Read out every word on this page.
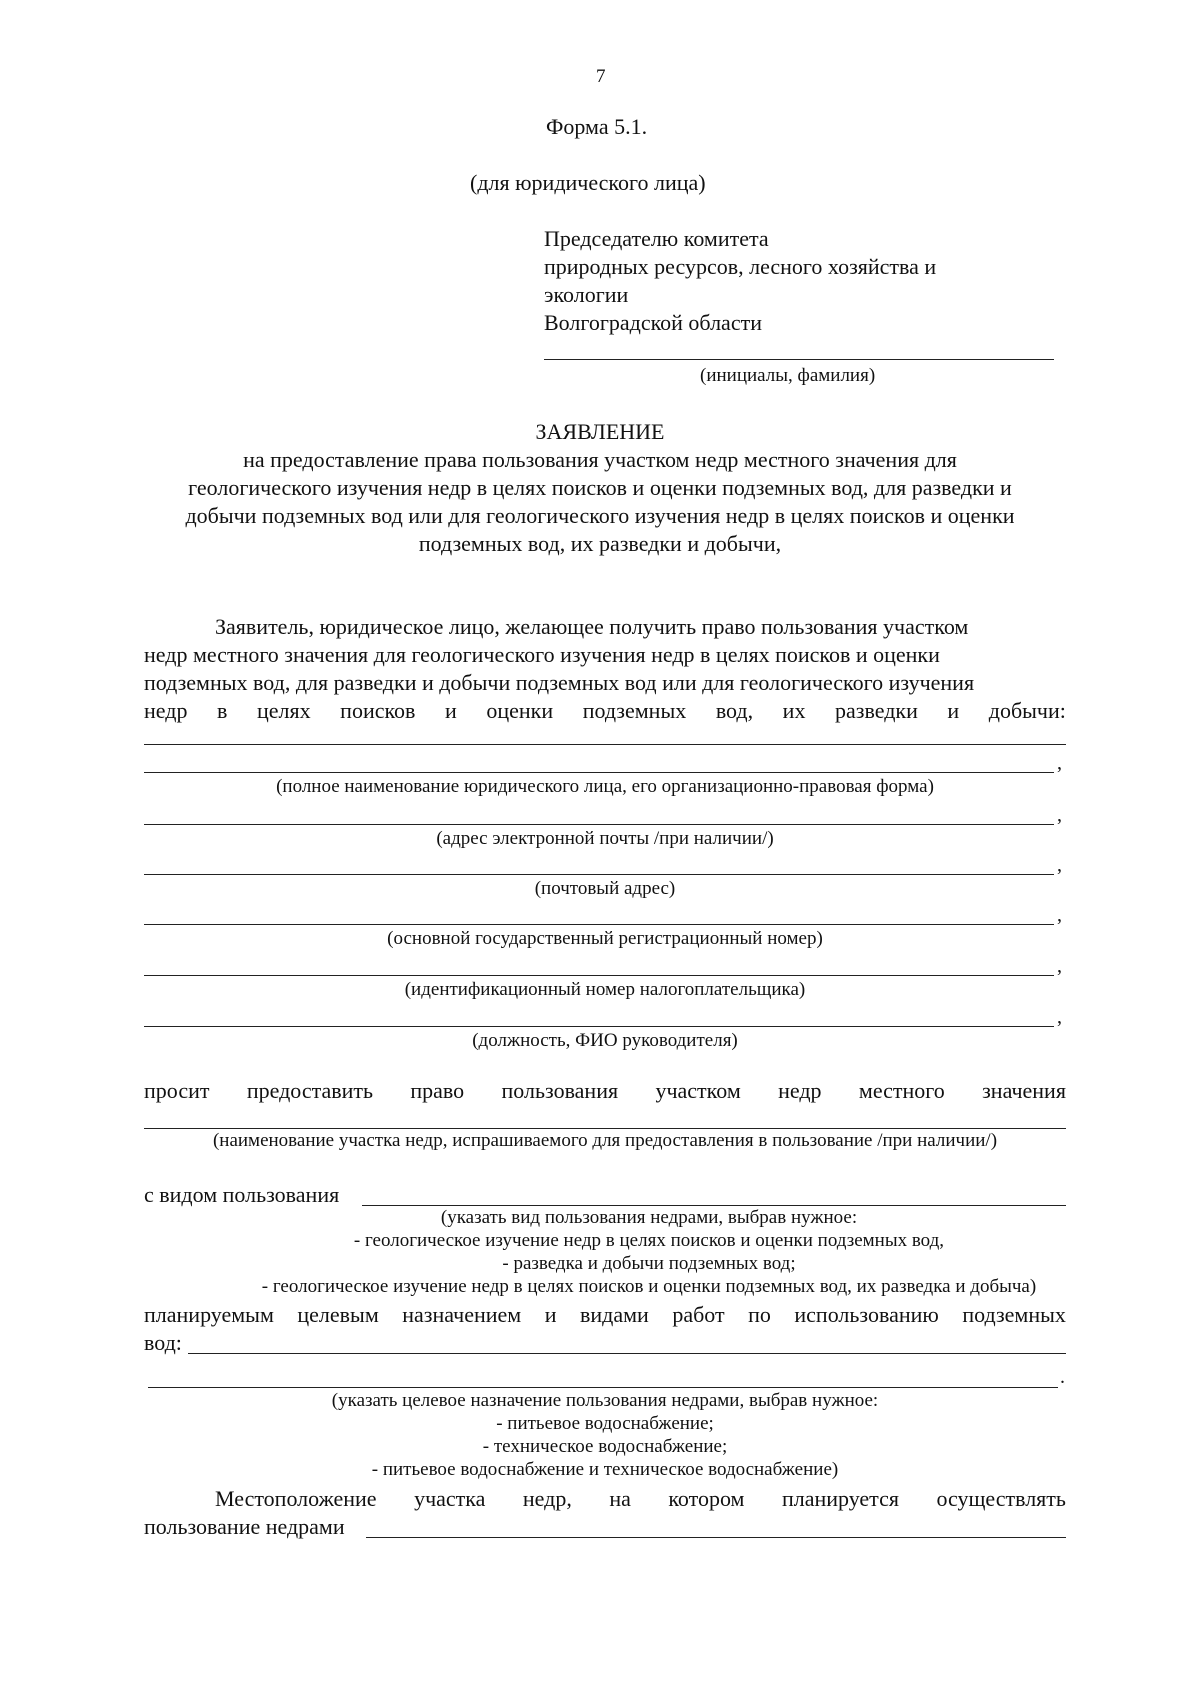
7
Форма 5.1.
(для юридического лица)
Председателю комитета
природных ресурсов, лесного хозяйства и
экологии
Волгоградской области
(инициалы, фамилия)
ЗАЯВЛЕНИЕ
на предоставление права пользования участком недр местного значения для
геологического изучения недр в целях поисков и оценки подземных вод, для разведки и
добычи подземных вод или для геологического изучения недр в целях поисков и оценки
подземных вод, их разведки и добычи,
Заявитель, юридическое лицо, желающее получить право пользования участком
недр местного значения для геологического изучения недр в целях поисков и оценки
подземных вод, для разведки и добычи подземных вод или для геологического изучения
недр в целях поисков и оценки подземных вод, их разведки и добычи:
,
(полное наименование юридического лица, его организационно-правовая форма)
,
(адрес электронной почты /при наличии/)
,
(почтовый адрес)
,
(основной государственный регистрационный номер)
,
(идентификационный номер налогоплательщика)
,
(должность, ФИО руководителя)
просит предоставить право пользования участком недр местного значения
(наименование участка недр, испрашиваемого для предоставления в пользование /при наличии/)
с видом пользования
(указать вид пользования недрами, выбрав нужное:
- геологическое изучение недр в целях поисков и оценки подземных вод,
- разведка и добычи подземных вод;
- геологическое изучение недр в целях поисков и оценки подземных вод, их разведка и добыча)
планируемым целевым назначением и видами работ по использованию подземных
вод:
.
(указать целевое назначение пользования недрами, выбрав нужное:
- питьевое водоснабжение;
- техническое водоснабжение;
- питьевое водоснабжение и техническое водоснабжение)
Местоположение участка недр, на котором планируется осуществлять
пользование недрами
